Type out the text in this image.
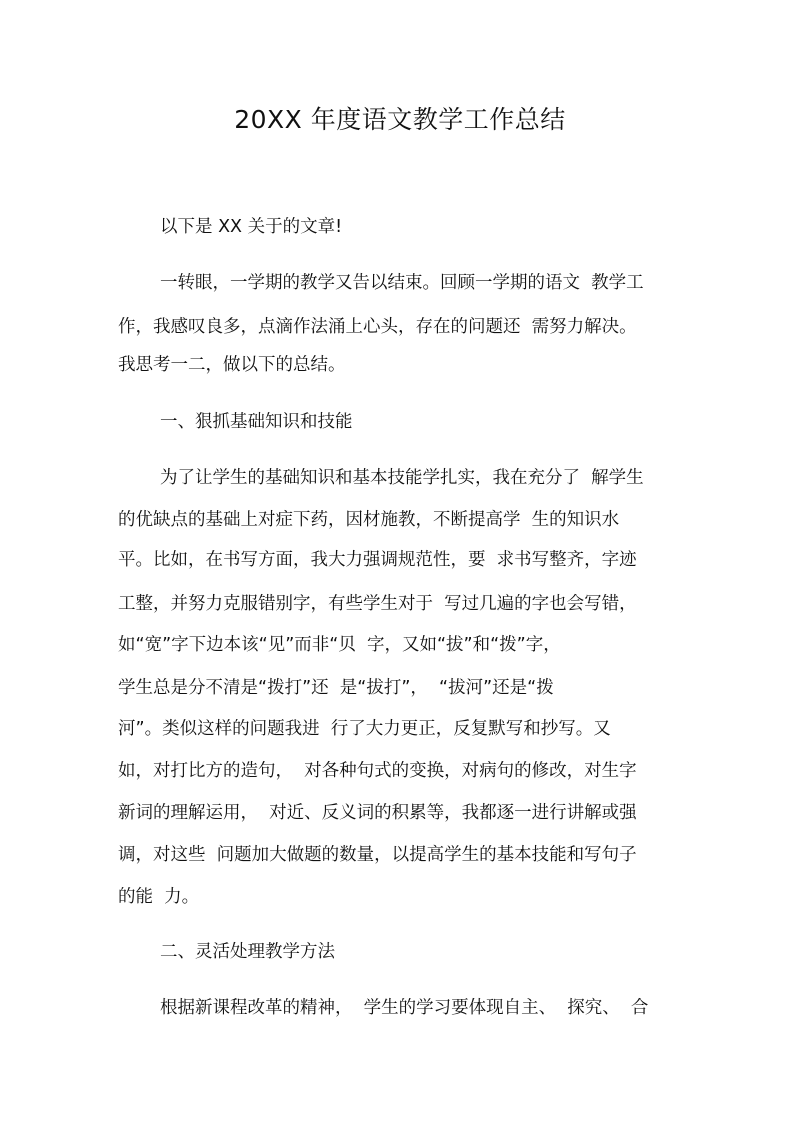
20XX 年度语文教学工作总结

以下是 XX 关于的文章!

一转眼，一学期的教学又告以结束。回顾一学期的语文  教学工

作，我感叹良多，点滴作法涌上心头，存在的问题还  需努力解决。

我思考一二，做以下的总结。

一、狠抓基础知识和技能

为了让学生的基础知识和基本技能学扎实，我在充分了  解学生

的优缺点的基础上对症下药，因材施教，不断提高学  生的知识水

平。比如，在书写方面，我大力强调规范性，要  求书写整齐，字迹

工整，并努力克服错别字，有些学生对于  写过几遍的字也会写错，

如“宽”字下边本该“见”而非“贝  字，又如“拔”和“拨”字，

学生总是分不清是“拨打”还  是“拔打”，  “拔河”还是“拨

河”。类似这样的问题我进  行了大力更正，反复默写和抄写。又

如，对打比方的造句，  对各种句式的变换，对病句的修改，对生字

新词的理解运用，  对近、反义词的积累等，我都逐一进行讲解或强

调，对这些  问题加大做题的数量，以提高学生的基本技能和写句子

的能  力。

二、灵活处理教学方法

根据新课程改革的精神，  学生的学习要体现自主、  探究、  合
